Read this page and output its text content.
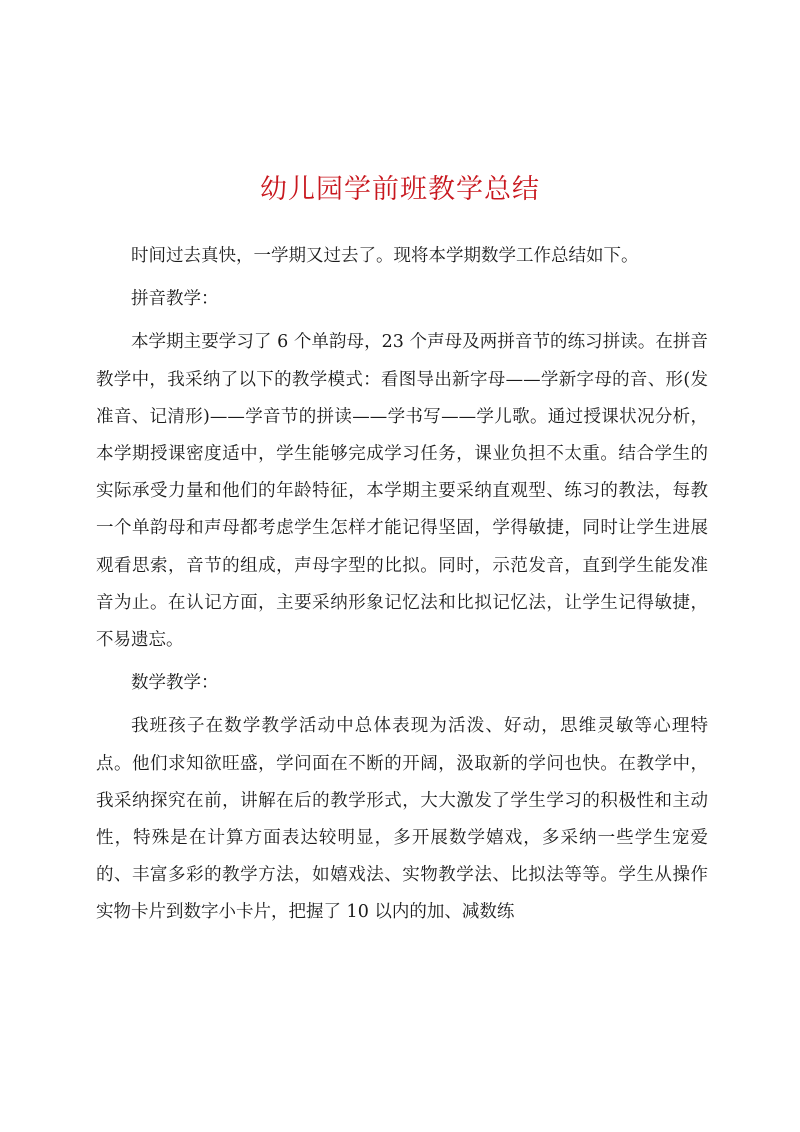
幼儿园学前班教学总结

时间过去真快，一学期又过去了。现将本学期数学工作总结如下。

拼音教学：

本学期主要学习了 6 个单韵母，23 个声母及两拼音节的练习拼读。在拼音教学中，我采纳了以下的教学模式：看图导出新字母——学新字母的音、形(发准音、记清形)——学音节的拼读——学书写——学儿歌。通过授课状况分析，本学期授课密度适中，学生能够完成学习任务，课业负担不太重。结合学生的实际承受力量和他们的年龄特征，本学期主要采纳直观型、练习的教法，每教一个单韵母和声母都考虑学生怎样才能记得坚固，学得敏捷，同时让学生进展观看思索，音节的组成，声母字型的比拟。同时，示范发音，直到学生能发准音为止。在认记方面，主要采纳形象记忆法和比拟记忆法，让学生记得敏捷，不易遗忘。

数学教学：

我班孩子在数学教学活动中总体表现为活泼、好动，思维灵敏等心理特点。他们求知欲旺盛，学问面在不断的开阔，汲取新的学问也快。在教学中，我采纳探究在前，讲解在后的教学形式，大大激发了学生学习的积极性和主动性，特殊是在计算方面表达较明显，多开展数学嬉戏，多采纳一些学生宠爱的、丰富多彩的教学方法，如嬉戏法、实物教学法、比拟法等等。学生从操作实物卡片到数字小卡片，把握了 10 以内的加、减数练
